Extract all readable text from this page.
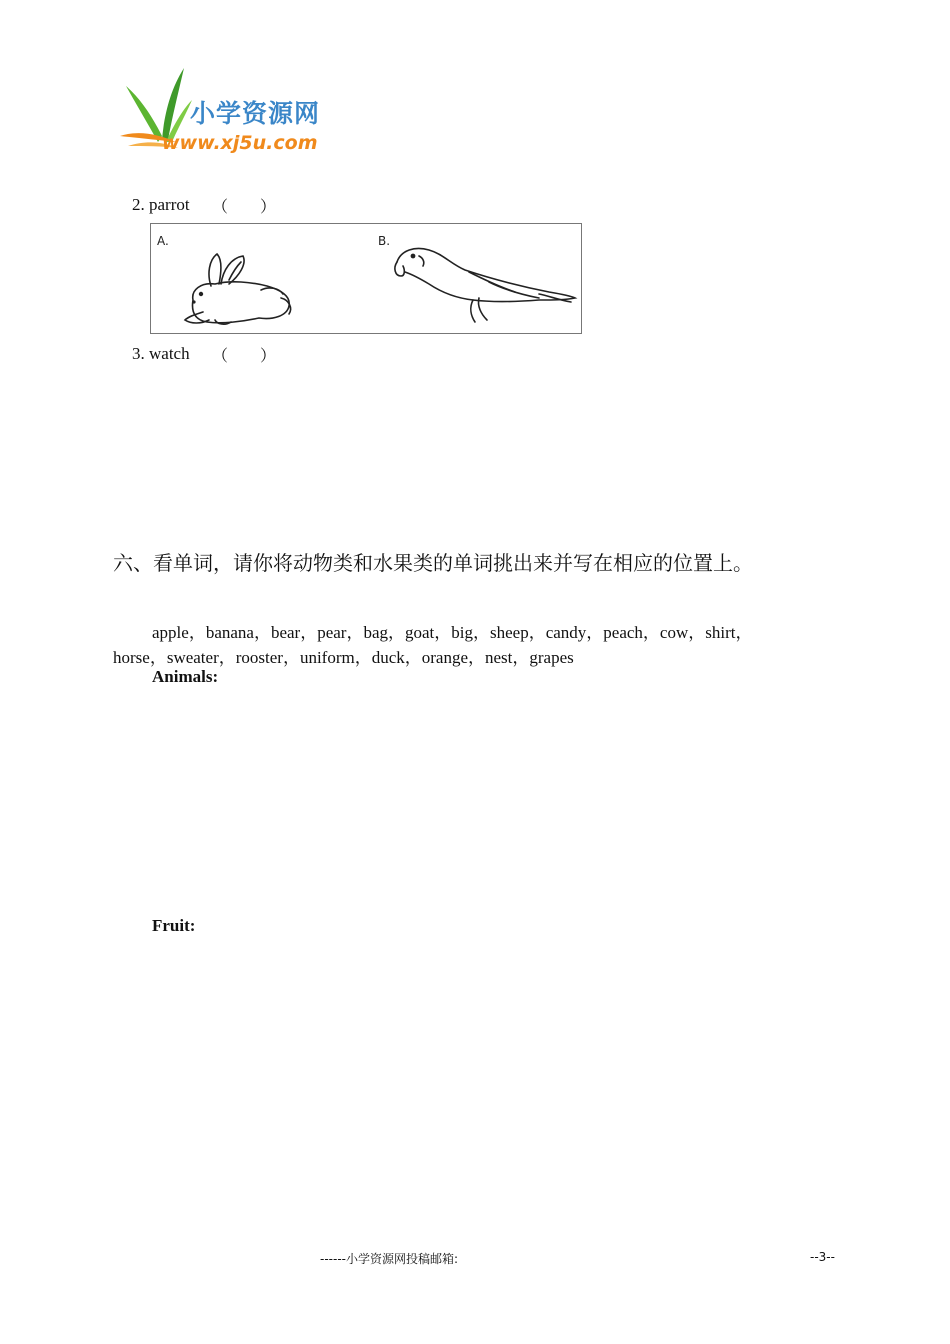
小学资源网
www.xj5u.com
2. parrot （　　）
A.	B.
3. watch （　　）
六、看单词，请你将动物类和水果类的单词挑出来并写在相应的位置上。
apple，banana，bear，pear，bag，goat，big，sheep，candy，peach，cow，shirt，
horse，sweater，rooster，uniform，duck，orange，nest，grapes
Animals:
Fruit:
------小学资源网投稿邮箱:	--3--
